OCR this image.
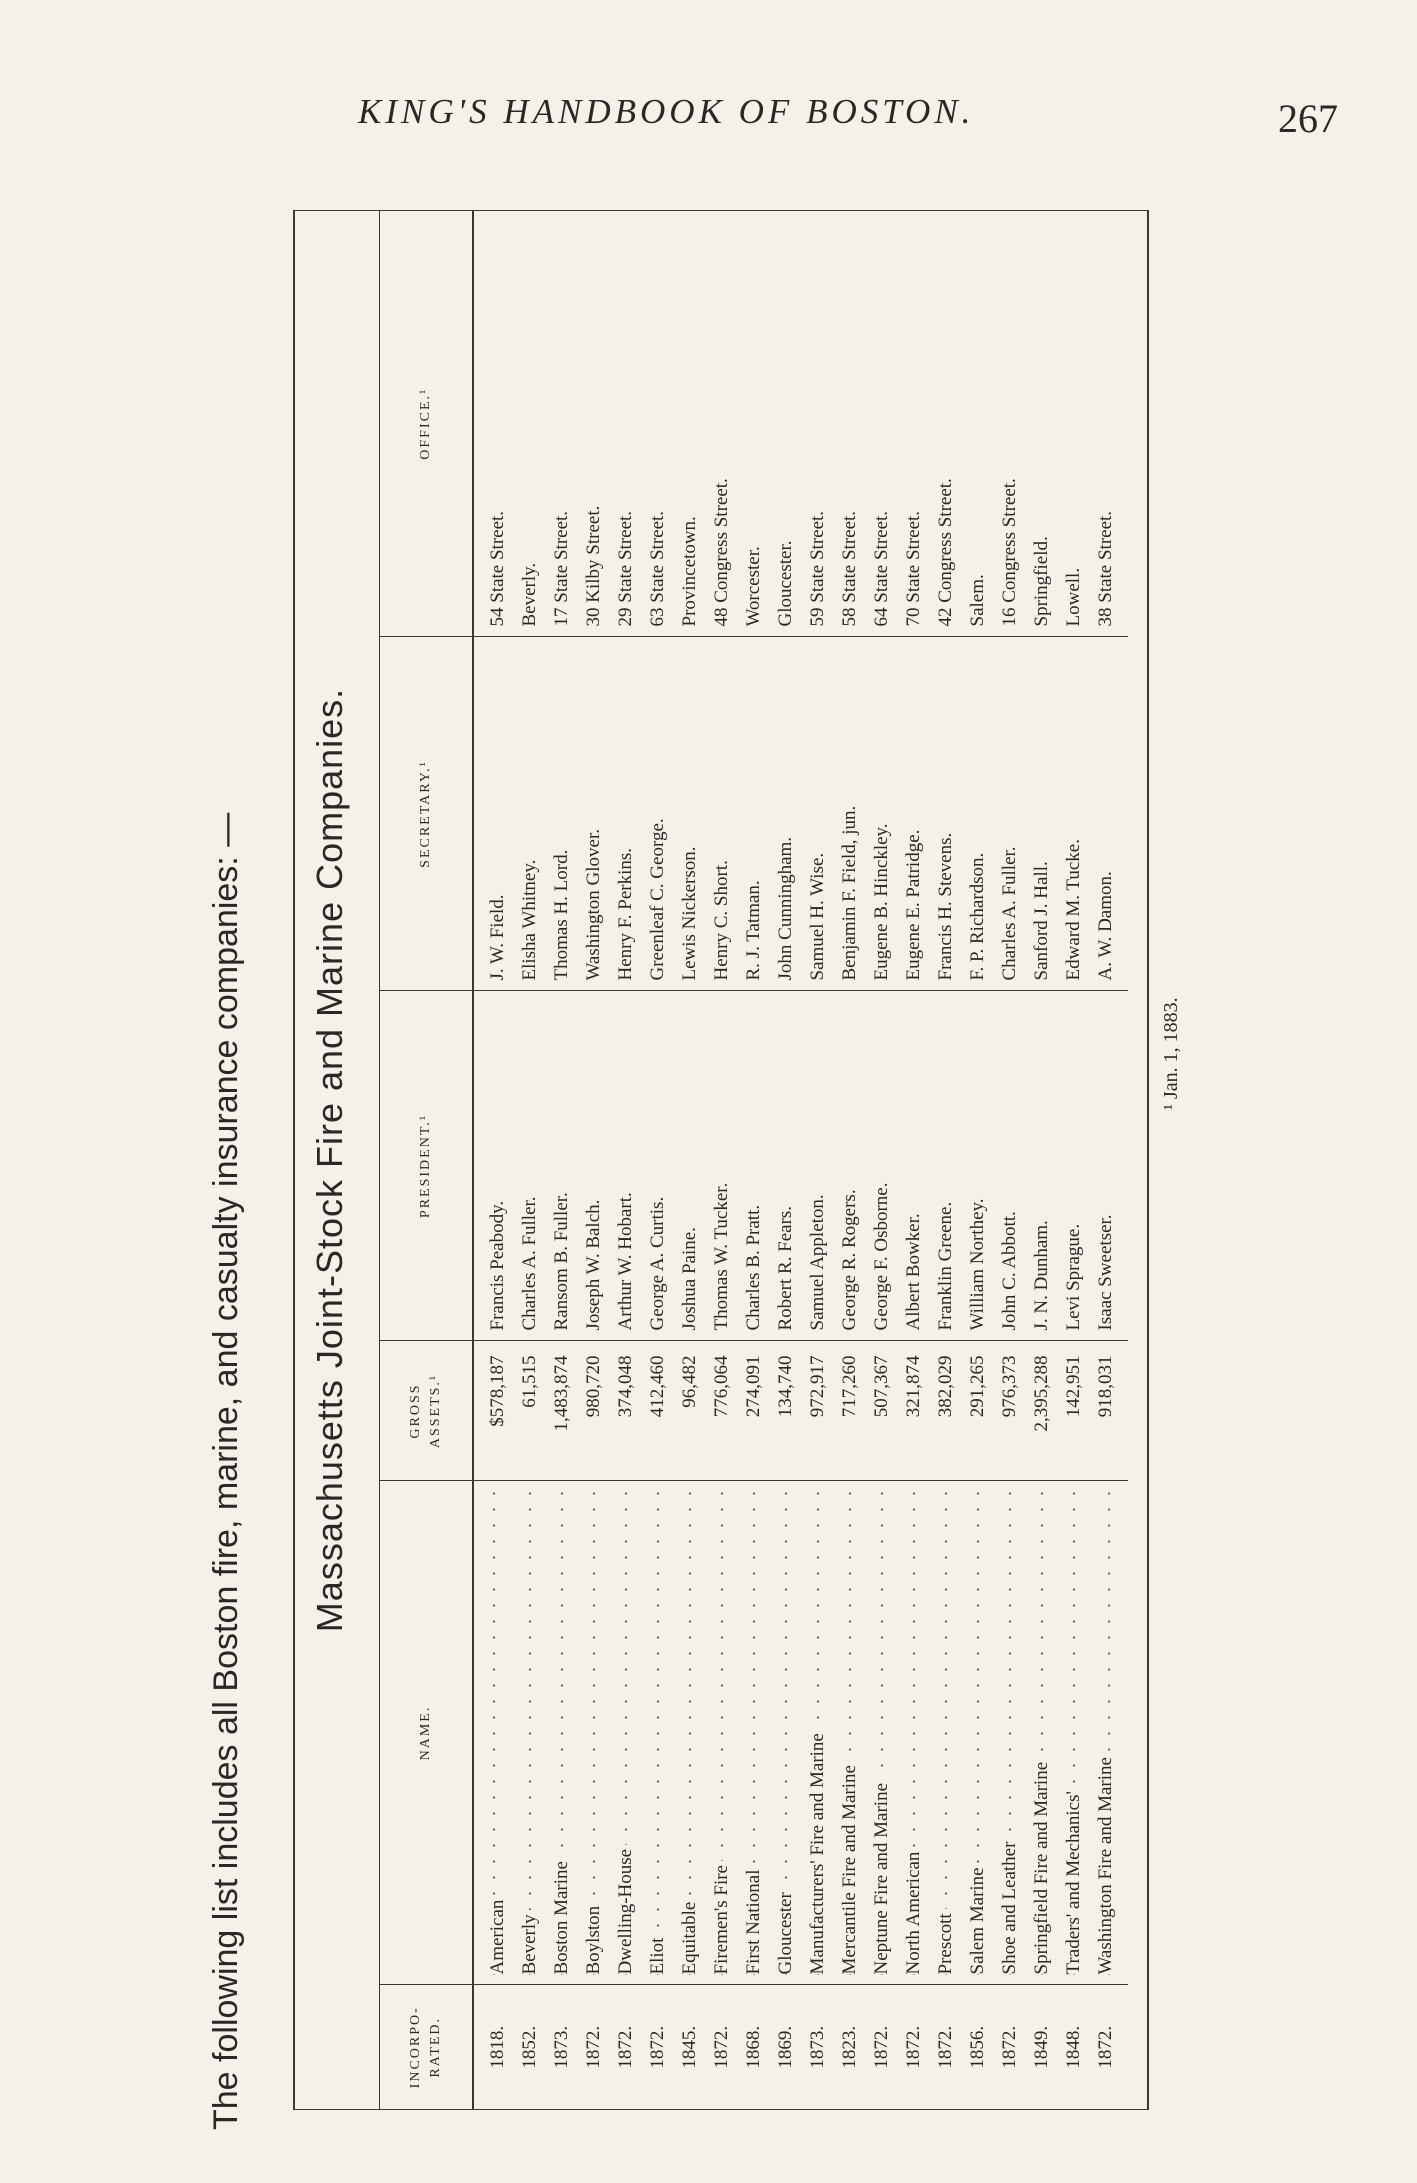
KING'S HANDBOOK OF BOSTON.	267
The following list includes all Boston fire, marine, and casualty insurance companies: — Massachusetts Joint-Stock Fire and Marine Companies.
INCORPO- RATED.	NAME.	GROSS ASSETS.¹	PRESIDENT.¹	SECRETARY.¹	OFFICE.¹
1818.	American	$578,187	Francis Peabody.	J. W. Field.	54 State Street.
1852.	Beverly	61,515	Charles A. Fuller.	Elisha Whitney.	Beverly.
1873.	Boston Marine	1,483,874	Ransom B. Fuller.	Thomas H. Lord.	17 State Street.
1872.	Boylston	980,720	Joseph W. Balch.	Washington Glover.	30 Kilby Street.
1872.	Dwelling-House	374,048	Arthur W. Hobart.	Henry F. Perkins.	29 State Street.
1872.	Eliot	412,460	George A. Curtis.	Greenleaf C. George.	63 State Street.
1845.	Equitable	96,482	Joshua Paine.	Lewis Nickerson.	Provincetown.
1872.	Firemen's Fire	776,064	Thomas W. Tucker.	Henry C. Short.	48 Congress Street.
1868.	First National	274,091	Charles B. Pratt.	R. J. Tatman.	Worcester.
1869.	Gloucester	134,740	Robert R. Fears.	John Cunningham.	Gloucester.
1873.	Manufacturers' Fire and Marine	972,917	Samuel Appleton.	Samuel H. Wise.	59 State Street.
1823.	Mercantile Fire and Marine	717,260	George R. Rogers.	Benjamin F. Field, jun.	58 State Street.
1872.	Neptune Fire and Marine	507,367	George F. Osborne.	Eugene B. Hinckley.	64 State Street.
1872.	North American	321,874	Albert Bowker.	Eugene E. Patridge.	70 State Street.
1872.	Prescott	382,029	Franklin Greene.	Francis H. Stevens.	42 Congress Street.
1856.	Salem Marine	291,265	William Northey.	F. P. Richardson.	Salem.
1872.	Shoe and Leather	976,373	John C. Abbott.	Charles A. Fuller.	16 Congress Street.
1849.	Springfield Fire and Marine	2,395,288	J. N. Dunham.	Sanford J. Hall.	Springfield.
1848.	Traders' and Mechanics'	142,951	Levi Sprague.	Edward M. Tucke.	Lowell.
1872.	Washington Fire and Marine	918,031	Isaac Sweetser.	A. W. Damon.	38 State Street.
¹ Jan. 1, 1883.
